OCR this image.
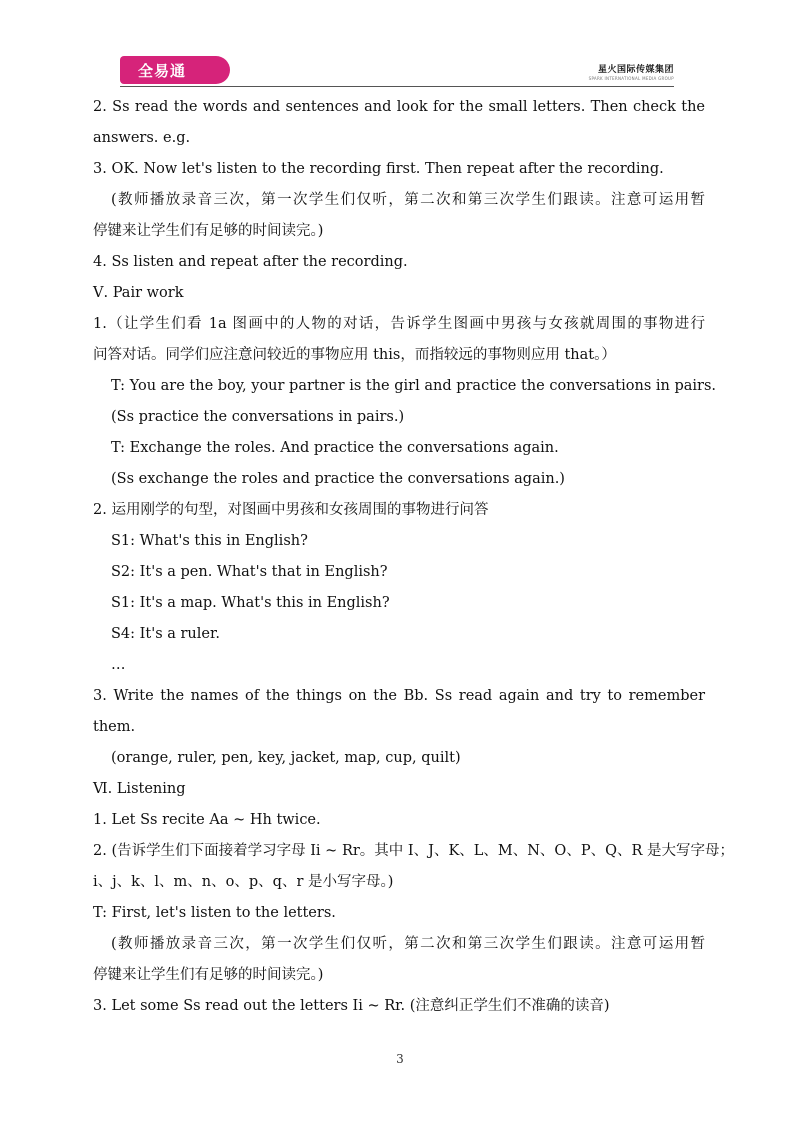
全易通	星火国际传媒集团
SPARK INTERNATIONAL MEDIA GROUP
2. Ss read the words and sentences and look for the small letters. Then check the
answers. e.g.
3. OK. Now let's listen to the recording first. Then repeat after the recording.
(教师播放录音三次，第一次学生们仅听，第二次和第三次学生们跟读。注意可运用暂
停键来让学生们有足够的时间读完。)
4. Ss listen and repeat after the recording.
Ⅴ. Pair work
1.（让学生们看 1a 图画中的人物的对话，告诉学生图画中男孩与女孩就周围的事物进行
问答对话。同学们应注意问较近的事物应用 this，而指较远的事物则应用 that。）
T: You are the boy, your partner is the girl and practice the conversations in pairs.
(Ss practice the conversations in pairs.)
T: Exchange the roles. And practice the conversations again.
(Ss exchange the roles and practice the conversations again.)
2. 运用刚学的句型，对图画中男孩和女孩周围的事物进行问答
S1: What's this in English?
S2: It's a pen. What's that in English?
S1: It's a map. What's this in English?
S4: It's a ruler.
…
3. Write the names of the things on the Bb. Ss read again and try to remember
them.
(orange, ruler, pen, key, jacket, map, cup, quilt)
Ⅵ. Listening
1. Let Ss recite Aa ~ Hh twice.
2. (告诉学生们下面接着学习字母 Ii ~ Rr。其中 I、J、K、L、M、N、O、P、Q、R 是大写字母；
i、j、k、l、m、n、o、p、q、r 是小写字母。)
T: First, let's listen to the letters.
(教师播放录音三次，第一次学生们仅听，第二次和第三次学生们跟读。注意可运用暂
停键来让学生们有足够的时间读完。)
3. Let some Ss read out the letters Ii ~ Rr. (注意纠正学生们不准确的读音)
3
